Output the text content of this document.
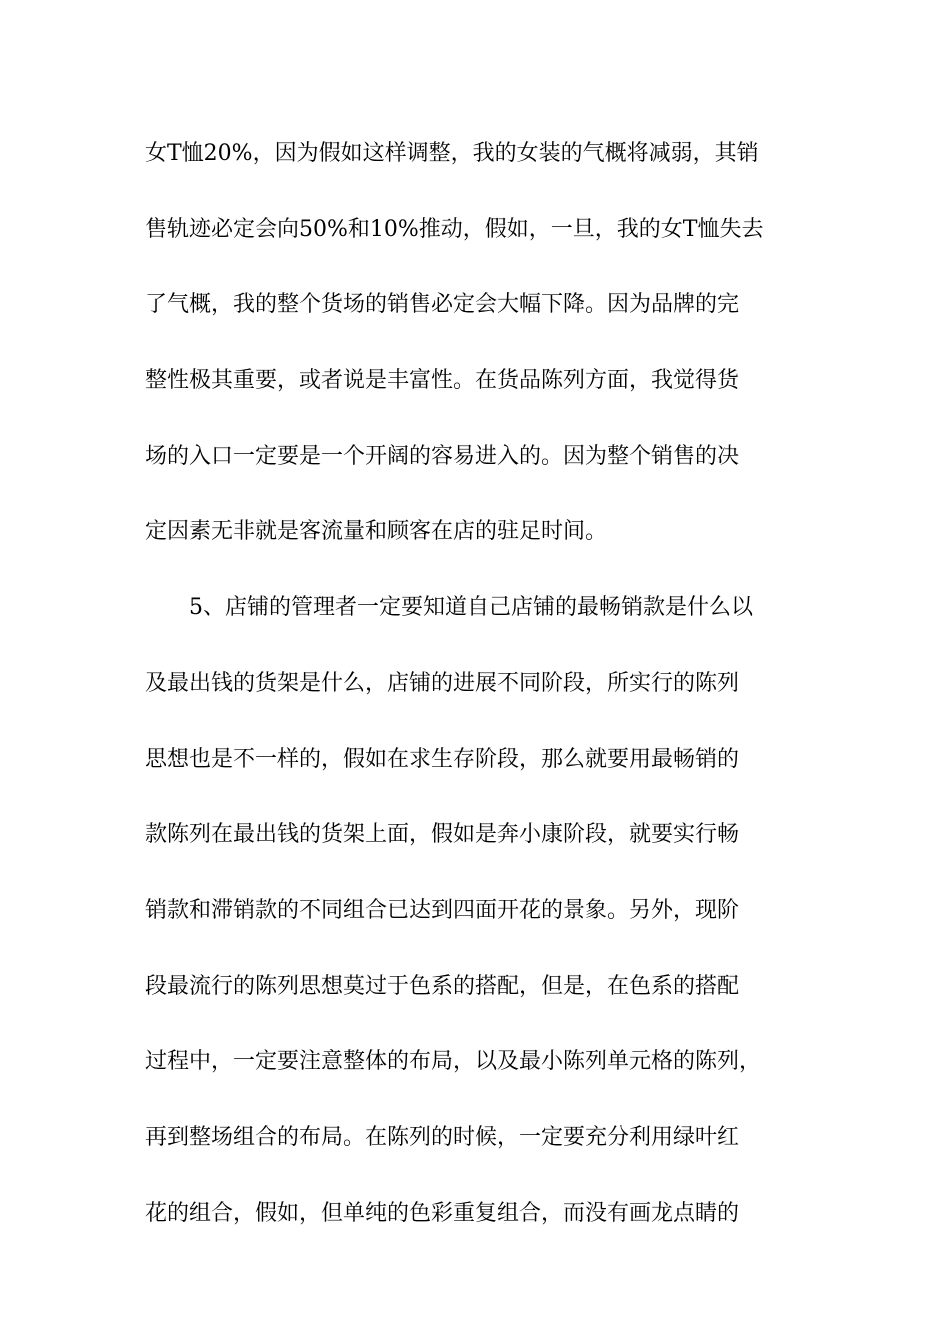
女T恤20%，因为假如这样调整，我的女装的气概将减弱，其销
售轨迹必定会向50%和10%推动，假如，一旦，我的女T恤失去
了气概，我的整个货场的销售必定会大幅下降。因为品牌的完
整性极其重要，或者说是丰富性。在货品陈列方面，我觉得货
场的入口一定要是一个开阔的容易进入的。因为整个销售的决
定因素无非就是客流量和顾客在店的驻足时间。
5、店铺的管理者一定要知道自己店铺的最畅销款是什么以
及最出钱的货架是什么，店铺的进展不同阶段，所实行的陈列
思想也是不一样的，假如在求生存阶段，那么就要用最畅销的
款陈列在最出钱的货架上面，假如是奔小康阶段，就要实行畅
销款和滞销款的不同组合已达到四面开花的景象。另外，现阶
段最流行的陈列思想莫过于色系的搭配，但是，在色系的搭配
过程中，一定要注意整体的布局，以及最小陈列单元格的陈列，
再到整场组合的布局。在陈列的时候，一定要充分利用绿叶红
花的组合，假如，但单纯的色彩重复组合，而没有画龙点睛的
